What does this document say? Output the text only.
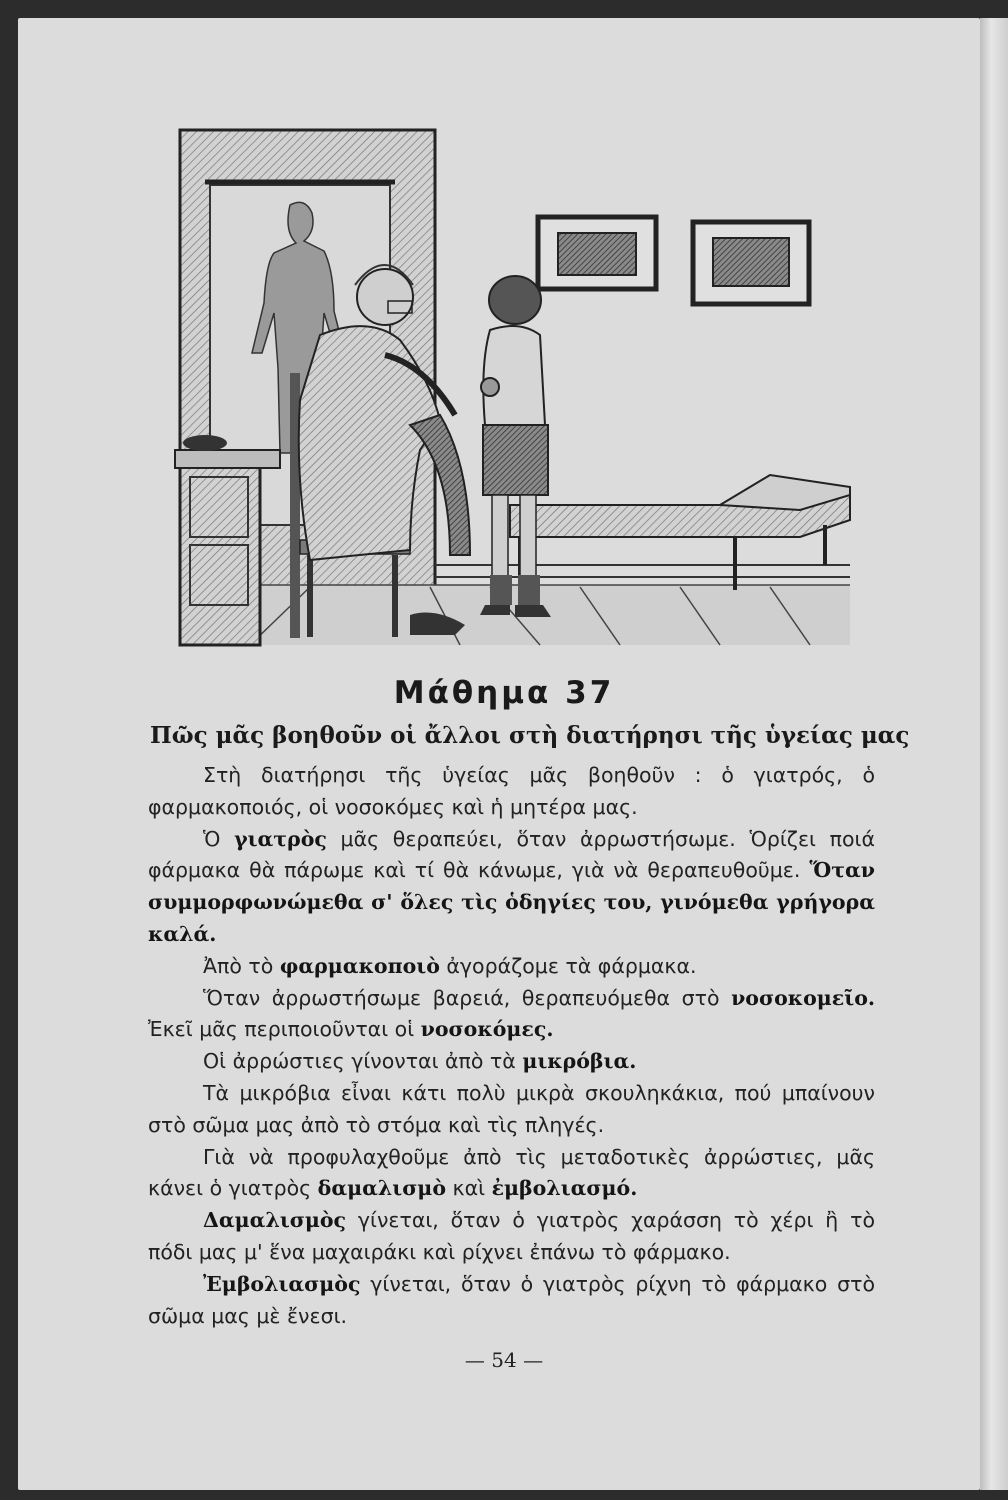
Μάθημα 37
Πῶς μᾶς βοηθοῦν οἱ ἄλλοι στὴ διατήρησι τῆς ὑγείας μας

Στὴ διατήρησι τῆς ὑγείας μᾶς βοηθοῦν : ὁ γιατρός, ὁ φαρμακοποιός, οἱ νοσοκόμες καὶ ἡ μητέρα μας.

Ὁ γιατρὸς μᾶς θεραπεύει, ὅταν ἀρρωστήσωμε. Ὁρίζει ποιά φάρμακα θὰ πάρωμε καὶ τί θὰ κάνωμε, γιὰ νὰ θεραπευθοῦμε. Ὅταν συμμορφωνώμεθα σ' ὅλες τὶς ὁδηγίες του, γινόμεθα γρήγορα καλά.

Ἀπὸ τὸ φαρμακοποιὸ ἀγοράζομε τὰ φάρμακα.

Ὅταν ἀρρωστήσωμε βαρειά, θεραπευόμεθα στὸ νοσοκομεῖο. Ἐκεῖ μᾶς περιποιοῦνται οἱ νοσοκόμες.

Οἱ ἀρρώστιες γίνονται ἀπὸ τὰ μικρόβια.

Τὰ μικρόβια εἶναι κάτι πολὺ μικρὰ σκουληκάκια, πού μπαίνουν στὸ σῶμα μας ἀπὸ τὸ στόμα καὶ τὶς πληγές.

Γιὰ νὰ προφυλαχθοῦμε ἀπὸ τὶς μεταδοτικὲς ἀρρώστιες, μᾶς κάνει ὁ γιατρὸς δαμαλισμὸ καὶ ἐμβολιασμό.

Δαμαλισμὸς γίνεται, ὅταν ὁ γιατρὸς χαράσση τὸ χέρι ἢ τὸ πόδι μας μ' ἕνα μαχαιράκι καὶ ρίχνει ἐπάνω τὸ φάρμακο.

Ἐμβολιασμὸς γίνεται, ὅταν ὁ γιατρὸς ρίχνη τὸ φάρμακο στὸ σῶμα μας μὲ ἔνεσι.

— 54 —
